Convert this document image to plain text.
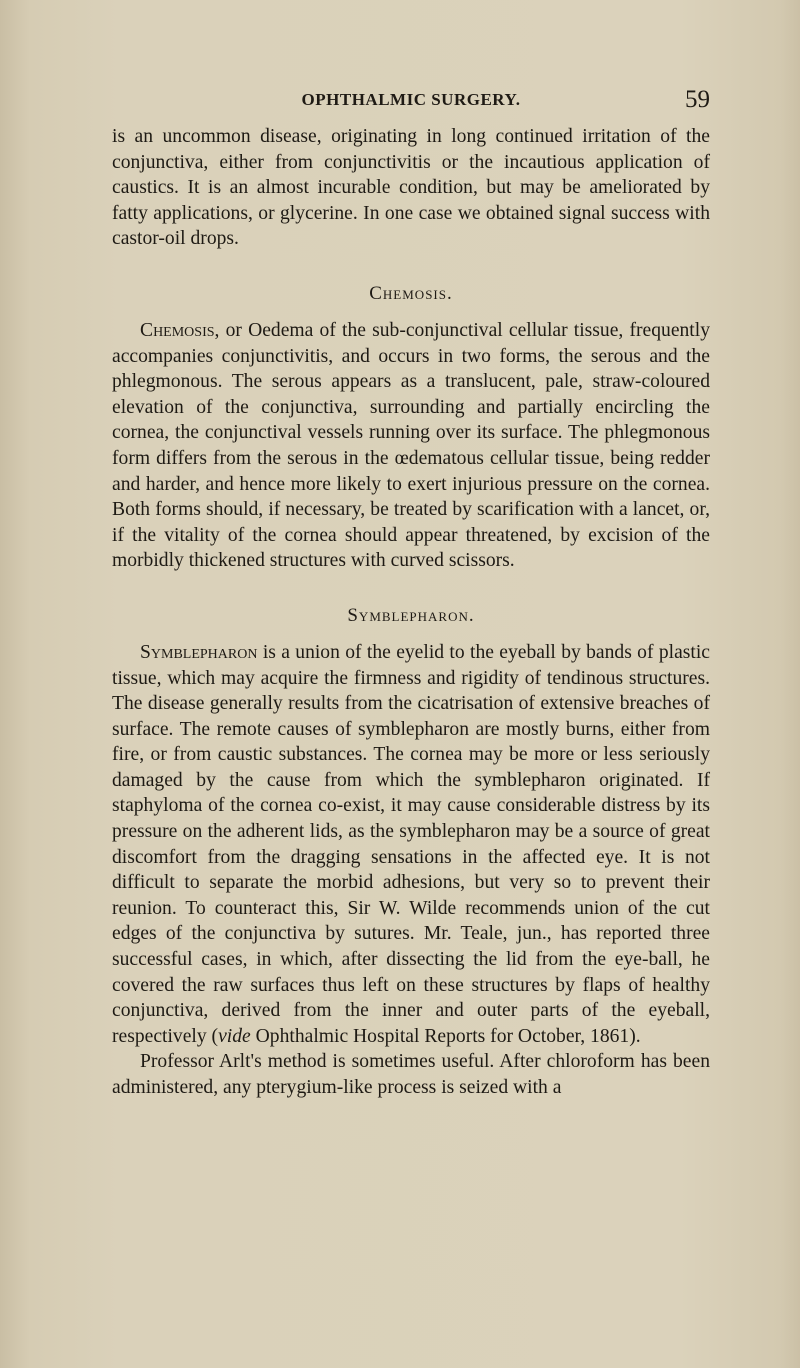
OPHTHALMIC SURGERY.	59

is an uncommon disease, originating in long continued irritation of the conjunctiva, either from conjunctivitis or the incautious application of caustics. It is an almost incurable condition, but may be ameliorated by fatty applications, or glycerine. In one case we obtained signal success with castor-oil drops.

Chemosis.

Chemosis, or Oedema of the sub-conjunctival cellular tissue, frequently accompanies conjunctivitis, and occurs in two forms, the serous and the phlegmonous. The serous appears as a translucent, pale, straw-coloured elevation of the conjunctiva, surrounding and partially encircling the cornea, the conjunctival vessels running over its surface. The phlegmonous form differs from the serous in the œdematous cellular tissue, being redder and harder, and hence more likely to exert injurious pressure on the cornea. Both forms should, if necessary, be treated by scarification with a lancet, or, if the vitality of the cornea should appear threatened, by excision of the morbidly thickened structures with curved scissors.

Symblepharon.

Symblepharon is a union of the eyelid to the eyeball by bands of plastic tissue, which may acquire the firmness and rigidity of tendinous structures. The disease generally results from the cicatrisation of extensive breaches of surface. The remote causes of symblepharon are mostly burns, either from fire, or from caustic substances. The cornea may be more or less seriously damaged by the cause from which the symblepharon originated. If staphyloma of the cornea co-exist, it may cause considerable distress by its pressure on the adherent lids, as the symblepharon may be a source of great discomfort from the dragging sensations in the affected eye. It is not difficult to separate the morbid adhesions, but very so to prevent their reunion. To counteract this, Sir W. Wilde recommends union of the cut edges of the conjunctiva by sutures. Mr. Teale, jun., has reported three successful cases, in which, after dissecting the lid from the eye-ball, he covered the raw surfaces thus left on these structures by flaps of healthy conjunctiva, derived from the inner and outer parts of the eyeball, respectively (vide Ophthalmic Hospital Reports for October, 1861).

Professor Arlt's method is sometimes useful. After chloroform has been administered, any pterygium-like process is seized with a
